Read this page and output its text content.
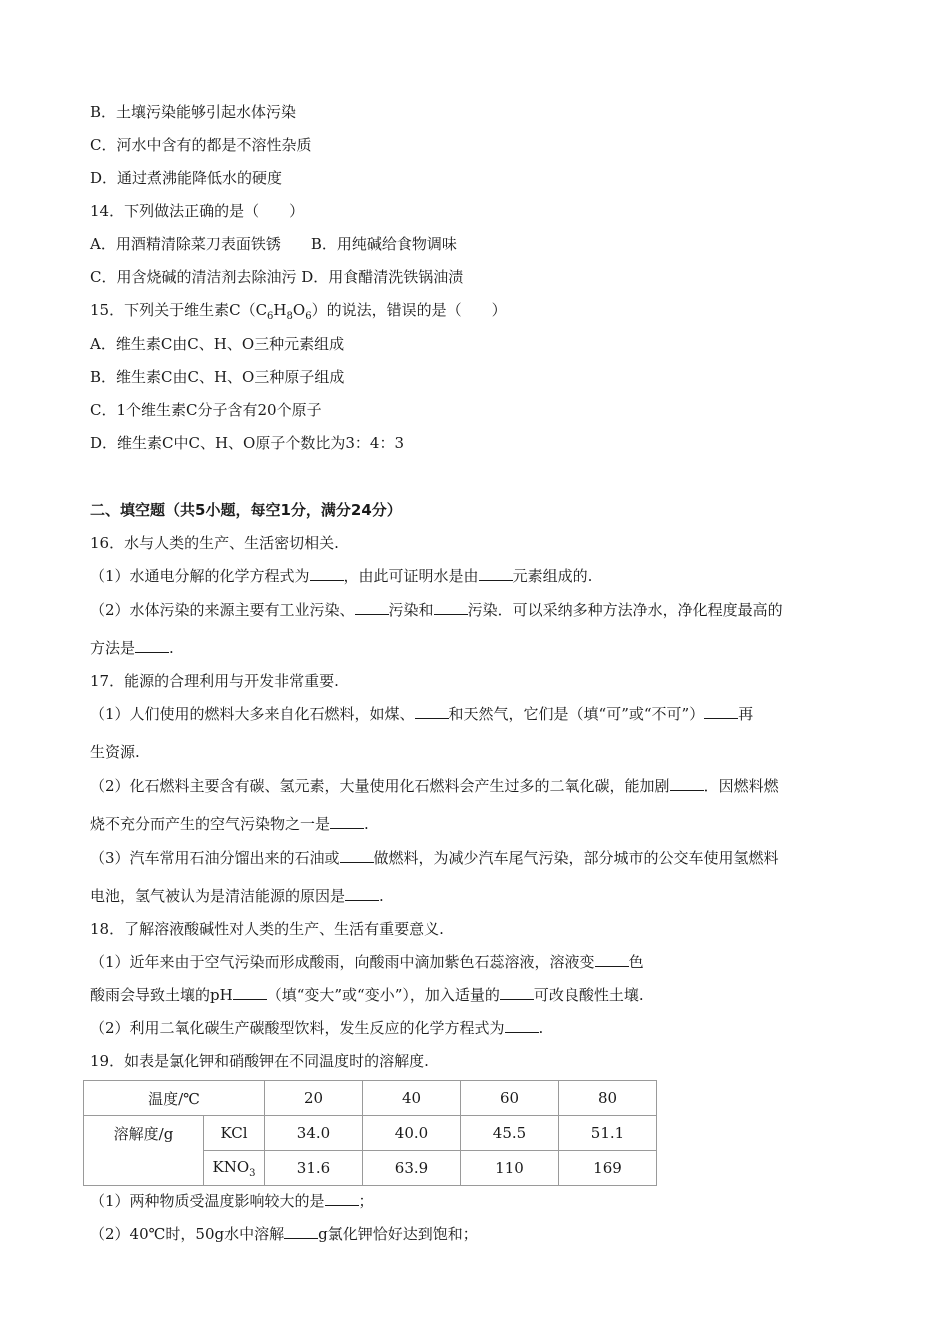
B．土壤污染能够引起水体污染
C．河水中含有的都是不溶性杂质
D．通过煮沸能降低水的硬度
14．下列做法正确的是（　　）
A．用酒精清除菜刀表面铁锈　　B．用纯碱给食物调味
C．用含烧碱的清洁剂去除油污 D．用食醋清洗铁锅油渍
15．下列关于维生素$C(C_6H_8O_6)$的说法，错误的是（　　）
A．维生素C由C、H、O三种元素组成
B．维生素C由C、H、O三种原子组成
C．1个维生素C分子含有20个原子
D．维生素C中C、H、O原子个数比为3：4：3
二、填空题（共5小题，每空1分，满分24分）
16．水与人类的生产、生活密切相关.
（1）水通电分解的化学方程式为 ，由此可证明水是由 元素组成的.
（2）水体污染的来源主要有工业污染、 污染和 污染．可以采纳多种方法净水，净化程度最高的
方法是 .
17．能源的合理利用与开发非常重要.
（1）人们使用的燃料大多来自化石燃料，如煤、 和天然气，它们是（填“可”或“不可”） 再
生资源.
（2）化石燃料主要含有碳、氢元素，大量使用化石燃料会产生过多的二氧化碳，能加剧 ．因燃料燃
烧不充分而产生的空气污染物之一是 .
（3）汽车常用石油分馏出来的石油或 做燃料，为减少汽车尾气污染，部分城市的公交车使用氢燃料
电池，氢气被认为是清洁能源的原因是 .
18．了解溶液酸碱性对人类的生产、生活有重要意义.
（1）近年来由于空气污染而形成酸雨，向酸雨中滴加紫色石蕊溶液，溶液变 色
酸雨会导致土壤的pH （填“变大”或“变小”），加入适量的 可改良酸性土壤.
（2）利用二氧化碳生产碳酸型饮料，发生反应的化学方程式为 .
19．如表是氯化钾和硝酸钾在不同温度时的溶解度.
温度/℃		20	40	60	80
溶解度/g	KCl	34.0	40.0	45.5	51.1
	$KNO_3$	31.6	63.9	110	169
（1）两种物质受温度影响较大的是 ；
（2）40℃时，50g水中溶解 g氯化钾恰好达到饱和；
